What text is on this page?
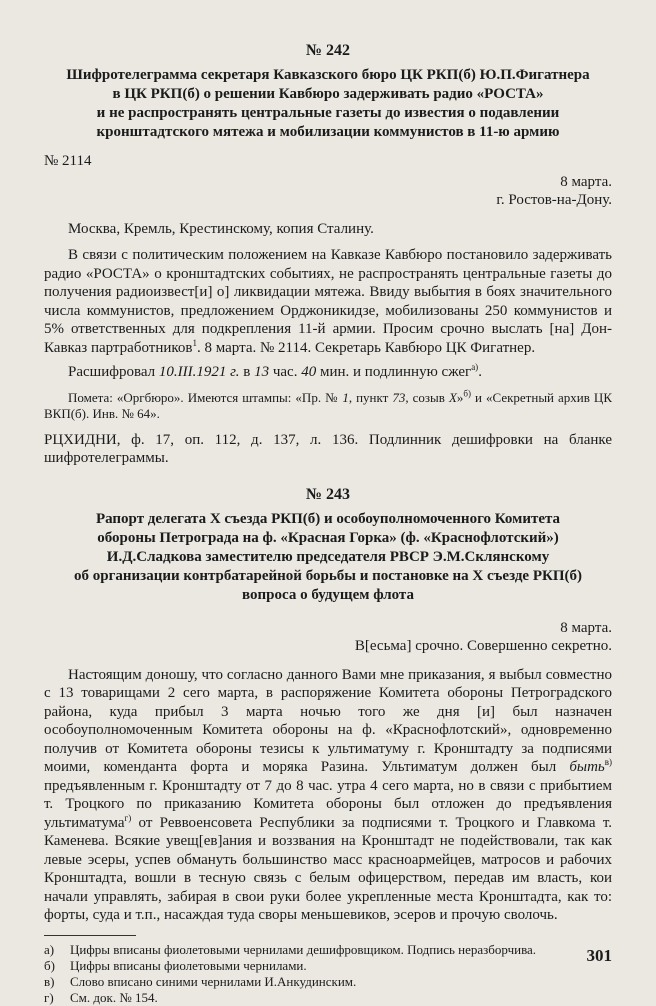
№ 242
Шифротелеграмма секретаря Кавказского бюро ЦК РКП(б) Ю.П.Фигатнера
в ЦК РКП(б) о решении Кавбюро задерживать радио «РОСТА»
и не распространять центральные газеты до известия о подавлении
кронштадтского мятежа и мобилизации коммунистов в 11-ю армию

№ 2114

8 марта.

г. Ростов-на-Дону.

Москва, Кремль, Крестинскому, копия Сталину.

В связи с политическим положением на Кавказе Кавбюро постановило задерживать радио «РОСТА» о кронштадтских событиях, не распространять центральные газеты до получения радиоизвест[и] о] ликвидации мятежа. Ввиду выбытия в боях значительного числа коммунистов, предложением Орджоникидзе, мобилизованы 250 коммунистов и 5% ответственных для подкрепления 11-й армии. Просим срочно выслать [на] Дон-Кавказ партработников$^1$. 8 марта. № 2114. Секретарь Кавбюро ЦК Фигатнер.

Расшифровал 10.III.1921 г. в 13 час. 40 мин. и подлинную сжег$^{а)}$.

Помета: «Оргбюро». Имеются штампы: «Пр. № 1, пункт 73, созыв Х»$^{б)}$ и «Секретный архив ЦК ВКП(б). Инв. № 64».

РЦХИДНИ, ф. 17, оп. 112, д. 137, л. 136. Подлинник дешифровки на бланке шифротелеграммы.

№ 243
Рапорт делегата Х съезда РКП(б) и особоуполномоченного Комитета
обороны Петрограда на ф. «Красная Горка» (ф. «Краснофлотский»)
И.Д.Сладкова заместителю председателя РВСР Э.М.Склянскому
об организации контрбатарейной борьбы и постановке на Х съезде РКП(б)
вопроса о будущем флота

8 марта.

В[есьма] срочно. Совершенно секретно.

Настоящим доношу, что согласно данного Вами мне приказания, я выбыл совместно с 13 товарищами 2 сего марта, в распоряжение Комитета обороны Петроградского района, куда прибыл 3 марта ночью того же дня [и] был назначен особоуполномоченным Комитета обороны на ф. «Краснофлотский», одновременно получив от Комитета обороны тезисы к ультиматуму г. Кронштадту за подписями моими, коменданта форта и моряка Разина. Ультиматум должен был быть$^{в)}$ предъявленным г. Кронштадту от 7 до 8 час. утра 4 сего марта, но в связи с прибытием т. Троцкого по приказанию Комитета обороны был отложен до предъявления ультиматума$^{г)}$ от Реввоенсовета Республики за подписями т. Троцкого и Главкома т. Каменева. Всякие увещ[ев]ания и воззвания на Кронштадт не подействовали, так как левые эсеры, успев обмануть большинство масс красноармейцев, матросов и рабочих Кронштадта, вошли в тесную связь с белым офицерством, передав им власть, кои начали управлять, забирая в свои руки более укрепленные места Кронштадта, как то: форты, суда и т.п., насаждая туда своры меньшевиков, эсеров и прочую сволочь.

а)	Цифры вписаны фиолетовыми чернилами дешифровщиком. Подпись неразборчива.

б)	Цифры вписаны фиолетовыми чернилами.

в)	Слово вписано синими чернилами И.Анкудинским.

г)	См. док. № 154.

301
